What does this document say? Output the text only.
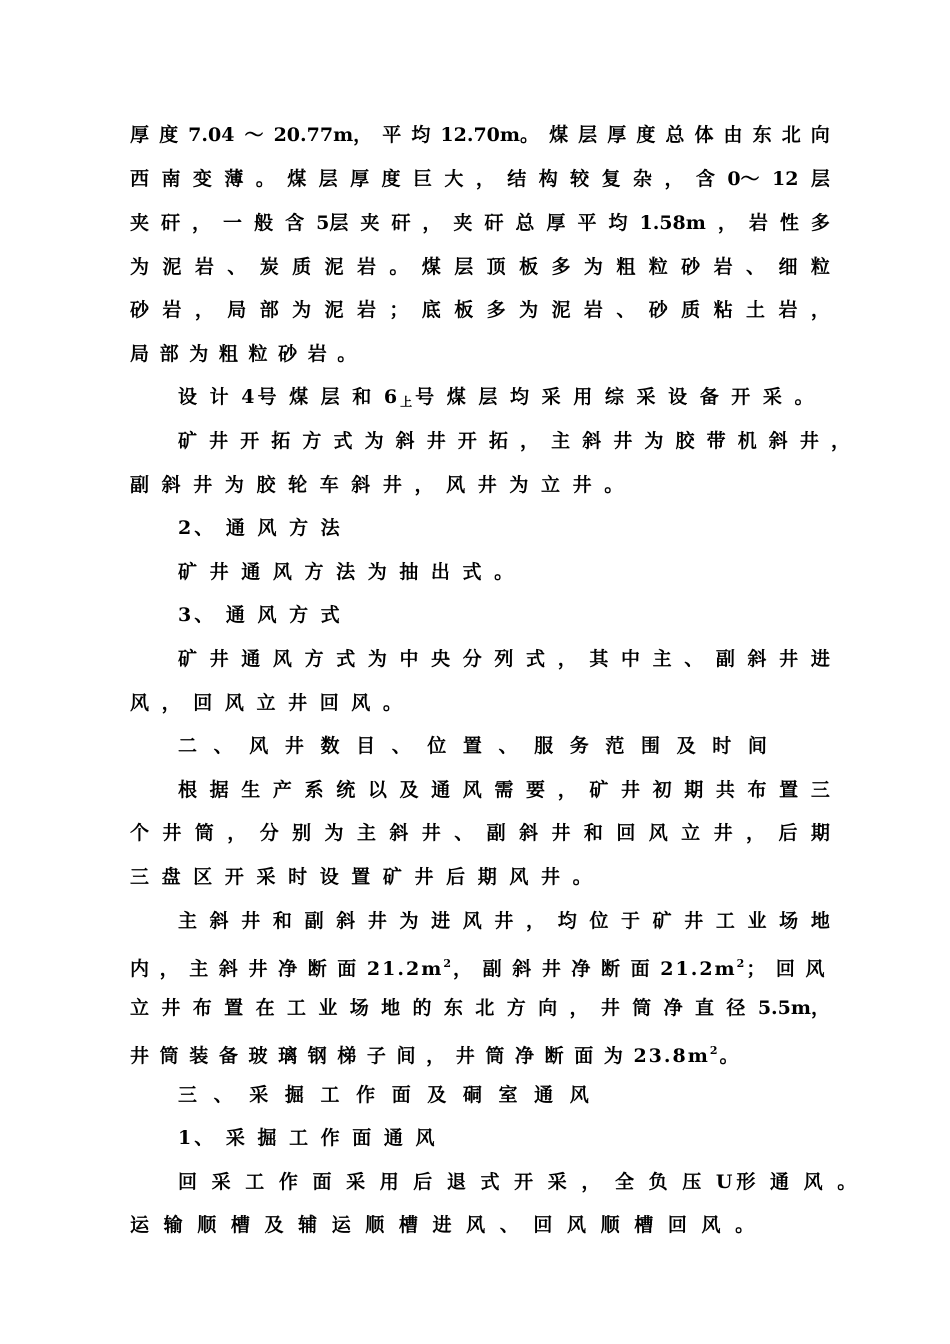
厚 度 7.04 ～ 20.77m， 平 均 12.70m。 煤 层 厚 度 总 体 由 东 北 向
西 南 变 薄 。 煤 层 厚 度 巨 大 ， 结 构 较 复 杂 ， 含 0～ 12 层
夹 矸 ， 一 般 含 5层 夹 矸 ， 夹 矸 总 厚 平 均 1.58m ， 岩 性 多
为 泥 岩 、 炭 质 泥 岩 。 煤 层 顶 板 多 为 粗 粒 砂 岩 、 细 粒
砂 岩 ， 局 部 为 泥 岩 ； 底 板 多 为 泥 岩 、 砂 质 粘 土 岩 ，
局 部 为 粗 粒 砂 岩 。
设 计 4号 煤 层 和 $6_上$号 煤 层 均 采 用 综 采 设 备 开 采 。
矿 井 开 拓 方 式 为 斜 井 开 拓 ， 主 斜 井 为 胶 带 机 斜 井 ，
副 斜 井 为 胶 轮 车 斜 井 ， 风 井 为 立 井 。
2、 通 风 方 法
矿 井 通 风 方 法 为 抽 出 式 。
3、 通 风 方 式
矿 井 通 风 方 式 为 中 央 分 列 式 ， 其 中 主 、 副 斜 井 进
风 ， 回 风 立 井 回 风 。
二 、 风 井 数 目 、 位 置 、 服 务 范 围 及 时 间
根 据 生 产 系 统 以 及 通 风 需 要 ， 矿 井 初 期 共 布 置 三
个 井 筒 ， 分 别 为 主 斜 井 、 副 斜 井 和 回 风 立 井 ， 后 期
三 盘 区 开 采 时 设 置 矿 井 后 期 风 井 。
主 斜 井 和 副 斜 井 为 进 风 井 ， 均 位 于 矿 井 工 业 场 地
内 ， 主 斜 井 净 断 面 $21.2m^2$， 副 斜 井 净 断 面 $21.2m^2$； 回 风
立 井 布 置 在 工 业 场 地 的 东 北 方 向 ， 井 筒 净 直 径 5.5m，
井 筒 装 备 玻 璃 钢 梯 子 间 ， 井 筒 净 断 面 为 $23.8m^2$。
三 、 采 掘 工 作 面 及 硐 室 通 风
1、 采 掘 工 作 面 通 风
回 采 工 作 面 采 用 后 退 式 开 采 ， 全 负 压 U形 通 风 。
运 输 顺 槽 及 辅 运 顺 槽 进 风 、 回 风 顺 槽 回 风 。
